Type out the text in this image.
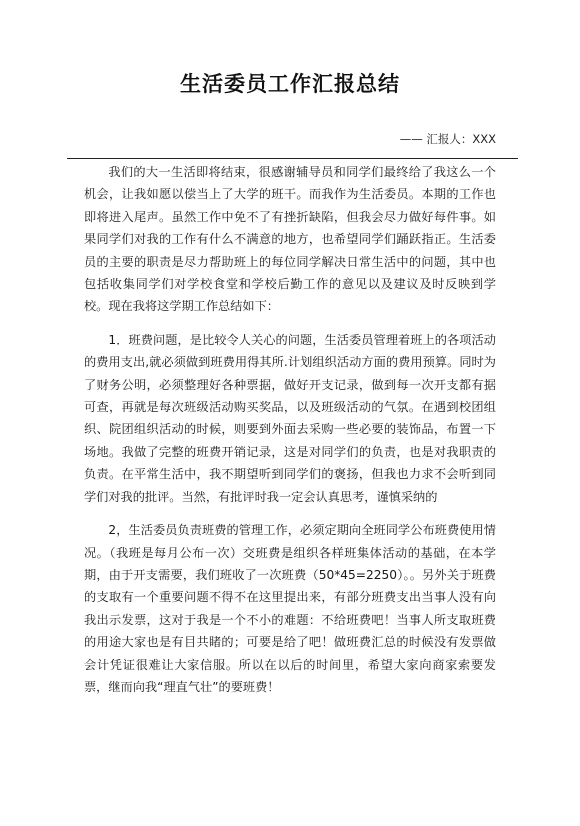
生活委员工作汇报总结
—— 汇报人：XXX

我们的大一生活即将结束，很感谢辅导员和同学们最终给了我这么一个机会，让我如愿以偿当上了大学的班干。而我作为生活委员。本期的工作也即将进入尾声。虽然工作中免不了有挫折缺陷，但我会尽力做好每件事。如果同学们对我的工作有什么不满意的地方，也希望同学们踊跃指正。生活委员的主要的职责是尽力帮助班上的每位同学解决日常生活中的问题，其中也包括收集同学们对学校食堂和学校后勤工作的意见以及建议及时反映到学校。现在我将这学期工作总结如下：

1．班费问题，是比较令人关心的问题，生活委员管理着班上的各项活动的费用支出,就必须做到班费用得其所.计划组织活动方面的费用预算。同时为了财务公明，必须整理好各种票据，做好开支记录，做到每一次开支都有据可查，再就是每次班级活动购买奖品，以及班级活动的气氛。在遇到校团组织、院团组织活动的时候，则要到外面去采购一些必要的装饰品，布置一下场地。我做了完整的班费开销记录，这是对同学们的负责，也是对我职责的负责。在平常生活中，我不期望听到同学们的褒扬，但我也力求不会听到同学们对我的批评。当然，有批评时我一定会认真思考，谨慎采纳的

2，生活委员负责班费的管理工作，必须定期向全班同学公布班费使用情况。（我班是每月公布一次）交班费是组织各样班集体活动的基础，在本学期，由于开支需要，我们班收了一次班费（50*45=2250）。。另外关于班费的支取有一个重要问题不得不在这里提出来，有部分班费支出当事人没有向我出示发票，这对于我是一个不小的难题：不给班费吧！当事人所支取班费的用途大家也是有目共睹的；可要是给了吧！做班费汇总的时候没有发票做会计凭证很难让大家信服。所以在以后的时间里，希望大家向商家索要发票，继而向我“理直气壮”的要班费！
